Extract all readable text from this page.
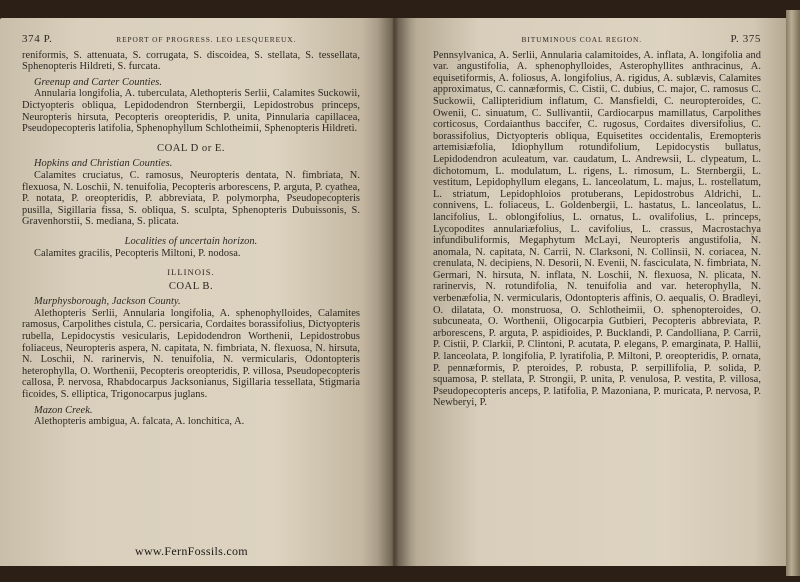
374 P.	REPORT OF PROGRESS. LEO LESQUEREUX.

reniformis, S. attenuata, S. corrugata, S. discoidea, S. stellata, S. tessellata, Sphenopteris Hildreti, S. furcata.

Greenup and Carter Counties.

Annularia longifolia, A. tuberculata, Alethopteris Serlii, Calamites Suckowii, Dictyopteris obliqua, Lepidodendron Sternbergii, Lepidostrobus princeps, Neuropteris hirsuta, Pecopteris oreopteridis, P. unita, Pinnularia capillacea, Pseudopecopteris latifolia, Sphenophyllum Schlotheimii, Sphenopteris Hildreti.

COAL D or E.
Hopkins and Christian Counties.

Calamites cruciatus, C. ramosus, Neuropteris dentata, N. fimbriata, N. flexuosa, N. Loschii, N. tenuifolia, Pecopteris arborescens, P. arguta, P. cyathea, P. notata, P. oreopteridis, P. abbreviata, P. polymorpha, Pseudopecopteris pusilla, Sigillaria fissa, S. obliqua, S. sculpta, Sphenopteris Dubuissonis, S. Gravenhorstii, S. mediana, S. plicata.

Localities of uncertain horizon.

Calamites gracilis, Pecopteris Miltoni, P. nodosa.

ILLINOIS.
COAL B.
Murphysborough, Jackson County.

Alethopteris Serlii, Annularia longifolia, A. sphenophylloides, Calamites ramosus, Carpolithes cistula, C. persicaria, Cordaites borassifolius, Dictyopteris rubella, Lepidocystis vesicularis, Lepidodendron Worthenii, Lepidostrobus foliaceus, Neuropteris aspera, N. capitata, N. fimbriata, N. flexuosa, N. hirsuta, N. Loschii, N. rarinervis, N. tenuifolia, N. vermicularis, Odontopteris heterophylla, O. Worthenii, Pecopteris oreopteridis, P. villosa, Pseudopecopteris callosa, P. nervosa, Rhabdocarpus Jacksonianus, Sigillaria tessellata, Stigmaria ficoides, S. elliptica, Trigonocarpus juglans.

Mazon Creek.

Alethopteris ambigua, A. falcata, A. lonchitica, A.

www.FernFossils.com
BITUMINOUS COAL REGION.	P. 375

Pennsylvanica, A. Serlii, Annularia calamitoides, A. inflata, A. longifolia and var. angustifolia, A. sphenophylloides, Asterophyllites anthracinus, A. equisetiformis, A. foliosus, A. longifolius, A. rigidus, A. sublævis, Calamites approximatus, C. cannæformis, C. Cistii, C. dubius, C. major, C. ramosus C. Suckowii, Callipteridium inflatum, C. Mansfieldi, C. neuropteroides, C. Owenii, C. sinuatum, C. Sullivantii, Cardiocarpus mamillatus, Carpolithes corticosus, Cordaianthus baccifer, C. rugosus, Cordaites diversifolius, C. borassifolius, Dictyopteris obliqua, Equisetites occidentalis, Eremopteris artemisiæfolia, Idiophyllum rotundifolium, Lepidocystis bullatus, Lepidodendron aculeatum, var. caudatum, L. Andrewsii, L. clypeatum, L. dichotomum, L. modulatum, L. rigens, L. rimosum, L. Sternbergii, L. vestitum, Lepidophyllum elegans, L. lanceolatum, L. majus, L. rostellatum, L. striatum, Lepidophloios protuberans, Lepidostrobus Aldrichi, L. connivens, L. foliaceus, L. Goldenbergii, L. hastatus, L. lanceolatus, L. lancifolius, L. oblongifolius, L. ornatus, L. ovalifolius, L. princeps, Lycopodites annulariæfolius, L. cavifolius, L. crassus, Macrostachya infundibuliformis, Megaphytum McLayi, Neuropteris angustifolia, N. anomala, N. capitata, N. Carrii, N. Clarksoni, N. Collinsii, N. coriacea, N. crenulata, N. decipiens, N. Desorii, N. Evenii, N. fasciculata, N. fimbriata, N. Germari, N. hirsuta, N. inflata, N. Loschii, N. flexuosa, N. plicata, N. rarinervis, N. rotundifolia, N. tenuifolia and var. heterophylla, N. verbenæfolia, N. vermicularis, Odontopteris affinis, O. aequalis, O. Bradleyi, O. dilatata, O. monstruosa, O. Schlotheimii, O. sphenopteroides, O. subcuneata, O. Worthenii, Oligocarpia Gutbieri, Pecopteris abbreviata, P. arborescens, P. arguta, P. aspidioides, P. Bucklandi, P. Candolliana, P. Carrii, P. Cistii, P. Clarkii, P. Clintoni, P. acutata, P. elegans, P. emarginata, P. Hallii, P. lanceolata, P. longifolia, P. lyratifolia, P. Miltoni, P. oreopteridis, P. ornata, P. pennæformis, P. pteroides, P. robusta, P. serpillifolia, P. solida, P. squamosa, P. stellata, P. Strongii, P. unita, P. venulosa, P. vestita, P. villosa, Pseudopecopteris anceps, P. latifolia, P. Mazoniana, P. muricata, P. nervosa, P. Newberyi, P.
